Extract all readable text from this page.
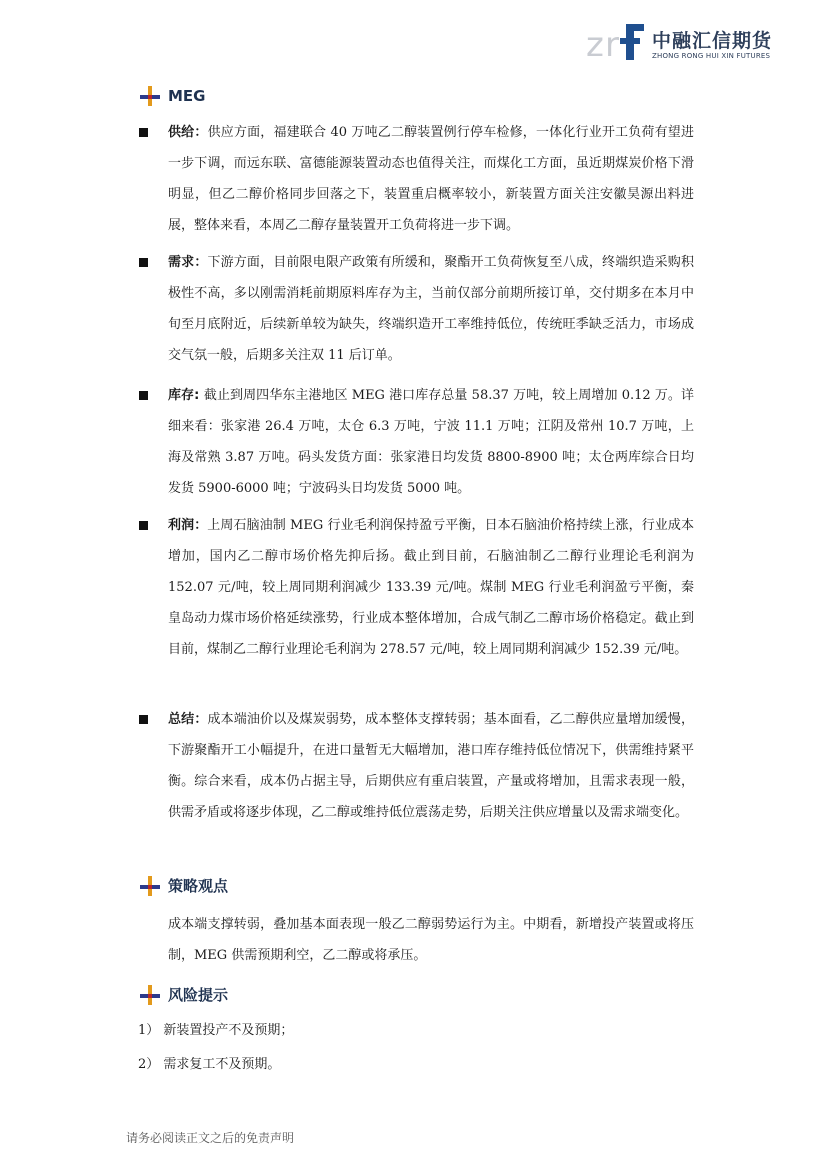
z r 中融汇信期货
ZHONG RONG HUI XIN FUTURES
MEG
供给：供应方面，福建联合 40 万吨乙二醇装置例行停车检修，一体化行业开工负荷有望进一步下调，而远东联、富德能源装置动态也值得关注，而煤化工方面，虽近期煤炭价格下滑明显，但乙二醇价格同步回落之下，装置重启概率较小，新装置方面关注安徽昊源出料进展，整体来看，本周乙二醇存量装置开工负荷将进一步下调。
需求：下游方面，目前限电限产政策有所缓和，聚酯开工负荷恢复至八成，终端织造采购积极性不高，多以刚需消耗前期原料库存为主，当前仅部分前期所接订单，交付期多在本月中旬至月底附近，后续新单较为缺失，终端织造开工率维持低位，传统旺季缺乏活力，市场成交气氛一般，后期多关注双 11 后订单。
库存: 截止到周四华东主港地区 MEG 港口库存总量 58.37 万吨，较上周增加 0.12 万。详细来看：张家港 26.4 万吨，太仓 6.3 万吨，宁波 11.1 万吨；江阴及常州 10.7 万吨，上海及常熟 3.87 万吨。码头发货方面：张家港日均发货 8800-8900 吨；太仓两库综合日均发货 5900-6000 吨；宁波码头日均发货 5000 吨。
利润：上周石脑油制 MEG 行业毛利润保持盈亏平衡，日本石脑油价格持续上涨，行业成本增加，国内乙二醇市场价格先抑后扬。截止到目前，石脑油制乙二醇行业理论毛利润为 152.07 元/吨，较上周同期利润减少 133.39 元/吨。煤制 MEG 行业毛利润盈亏平衡，秦皇岛动力煤市场价格延续涨势，行业成本整体增加，合成气制乙二醇市场价格稳定。截止到目前，煤制乙二醇行业理论毛利润为 278.57 元/吨，较上周同期利润减少 152.39 元/吨。
总结：成本端油价以及煤炭弱势，成本整体支撑转弱；基本面看，乙二醇供应量增加缓慢，下游聚酯开工小幅提升，在进口量暂无大幅增加，港口库存维持低位情况下，供需维持紧平衡。综合来看，成本仍占据主导，后期供应有重启装置，产量或将增加，且需求表现一般，供需矛盾或将逐步体现，乙二醇或维持低位震荡走势，后期关注供应增量以及需求端变化。
策略观点
成本端支撑转弱，叠加基本面表现一般乙二醇弱势运行为主。中期看，新增投产装置或将压制，MEG 供需预期利空，乙二醇或将承压。
风险提示
1） 新装置投产不及预期；
2） 需求复工不及预期。
请务必阅读正文之后的免责声明
